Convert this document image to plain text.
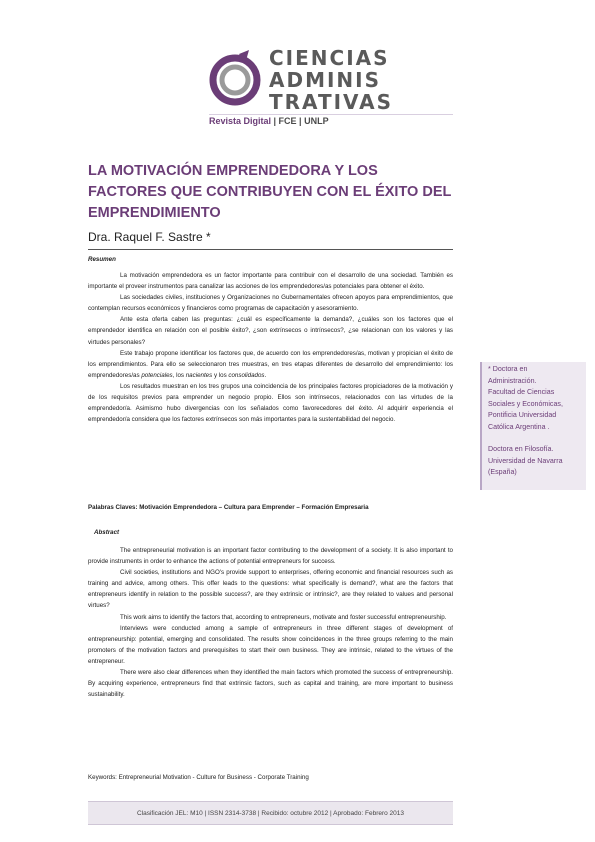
CIENCIAS
ADMINIS
TRATIVAS
Revista Digital | FCE | UNLP
LA MOTIVACIÓN EMPRENDEDORA Y LOS FACTORES QUE CONTRIBUYEN CON EL ÉXITO DEL EMPRENDIMIENTO
Dra. Raquel F. Sastre *
Resumen

La motivación emprendedora es un factor importante para contribuir con el desarrollo de una sociedad. También es importante el proveer instrumentos para canalizar las acciones de los emprendedores/as potenciales para obtener el éxito.

Las sociedades civiles, instituciones y Organizaciones no Gubernamentales ofrecen apoyos para emprendimientos, que contemplan recursos económicos y financieros como programas de capacitación y asesoramiento.

Ante esta oferta caben las preguntas: ¿cuál es específicamente la demanda?, ¿cuáles son los factores que el emprendedor identifica en relación con el posible éxito?, ¿son extrínsecos o intrínsecos?, ¿se relacionan con los valores y las virtudes personales?

Este trabajo propone identificar los factores que, de acuerdo con los emprendedores/as, motivan y propician el éxito de los emprendimientos. Para ello se seleccionaron tres muestras, en tres etapas diferentes de desarrollo del emprendimiento: los emprendedores/as potenciales, los nacientes y los consolidados.

Los resultados muestran en los tres grupos una coincidencia de los principales factores propiciadores de la motivación y de los requisitos previos para emprender un negocio propio. Ellos son intrínsecos, relacionados con las virtudes de la emprendedor/a. Asimismo hubo divergencias con los señalados como favorecedores del éxito. Al adquirir experiencia el emprendedor/a considera que los factores extrínsecos son más importantes para la sustentabilidad del negocio.

Palabras Claves: Motivación Emprendedora – Cultura para Emprender – Formación Empresaria
Abstract

The entrepreneurial motivation is an important factor contributing to the development of a society. It is also important to provide instruments in order to enhance the actions of potential entrepreneurs for success.

Civil societies, institutions and NGO's provide support to enterprises, offering economic and financial resources such as training and advice, among others. This offer leads to the questions: what specifically is demand?, what are the factors that entrepreneurs identify in relation to the possible success?, are they extrinsic or intrinsic?, are they related to values and personal virtues?

This work aims to identify the factors that, according to entrepreneurs, motivate and foster successful entrepreneurship.

Interviews were conducted among a sample of entrepreneurs in three different stages of development of entrepreneurship: potential, emerging and consolidated. The results show coincidences in the three groups referring to the main promoters of the motivation factors and prerequisites to start their own business. They are intrinsic, related to the virtues of the entrepreneur.

There were also clear differences when they identified the main factors which promoted the success of entrepreneurship. By acquiring experience, entrepreneurs find that extrinsic factors, such as capital and training, are more important to business sustainability.

Keywords: Entrepreneurial Motivation - Culture for Business - Corporate Training
* Doctora en
Administración.
Facultad de Ciencias
Sociales y Económicas,
Pontificia Universidad
Católica Argentina .
Doctora en Filosofía.
Universidad de Navarra
(España)
Clasificación JEL: M10 | ISSN 2314-3738 | Recibido: octubre 2012 | Aprobado: Febrero 2013
